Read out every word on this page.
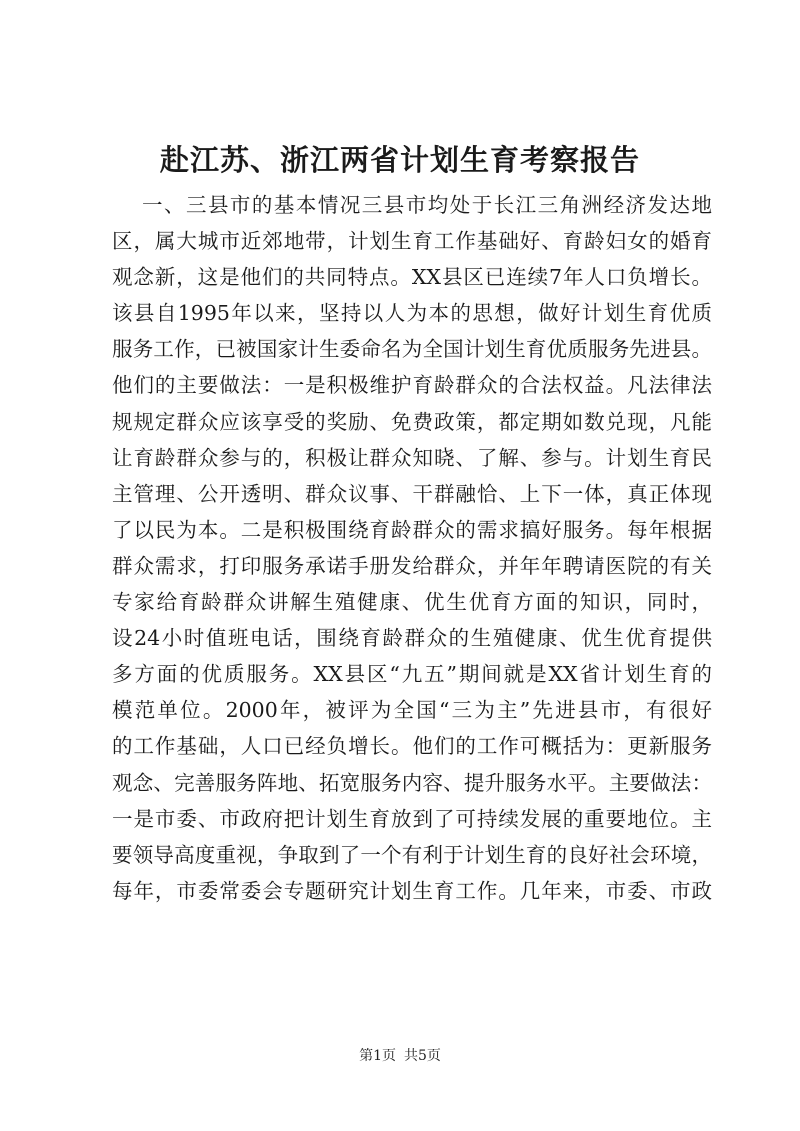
赴江苏、浙江两省计划生育考察报告
一、三县市的基本情况三县市均处于长江三角洲经济发达地
区，属大城市近郊地带，计划生育工作基础好、育龄妇女的婚育
观念新，这是他们的共同特点。XX县区已连续7年人口负增长。
该县自1995年以来，坚持以人为本的思想，做好计划生育优质
服务工作，已被国家计生委命名为全国计划生育优质服务先进县。
他们的主要做法：一是积极维护育龄群众的合法权益。凡法律法
规规定群众应该享受的奖励、免费政策，都定期如数兑现，凡能
让育龄群众参与的，积极让群众知晓、了解、参与。计划生育民
主管理、公开透明、群众议事、干群融恰、上下一体，真正体现
了以民为本。二是积极围绕育龄群众的需求搞好服务。每年根据
群众需求，打印服务承诺手册发给群众，并年年聘请医院的有关
专家给育龄群众讲解生殖健康、优生优育方面的知识，同时，
设24小时值班电话，围绕育龄群众的生殖健康、优生优育提供
多方面的优质服务。XX县区“九五”期间就是XX省计划生育的
模范单位。2000年，被评为全国“三为主”先进县市，有很好
的工作基础，人口已经负增长。他们的工作可概括为：更新服务
观念、完善服务阵地、拓宽服务内容、提升服务水平。主要做法：
一是市委、市政府把计划生育放到了可持续发展的重要地位。主
要领导高度重视，争取到了一个有利于计划生育的良好社会环境，
每年，市委常委会专题研究计划生育工作。几年来，市委、市政
第1页 共5页
